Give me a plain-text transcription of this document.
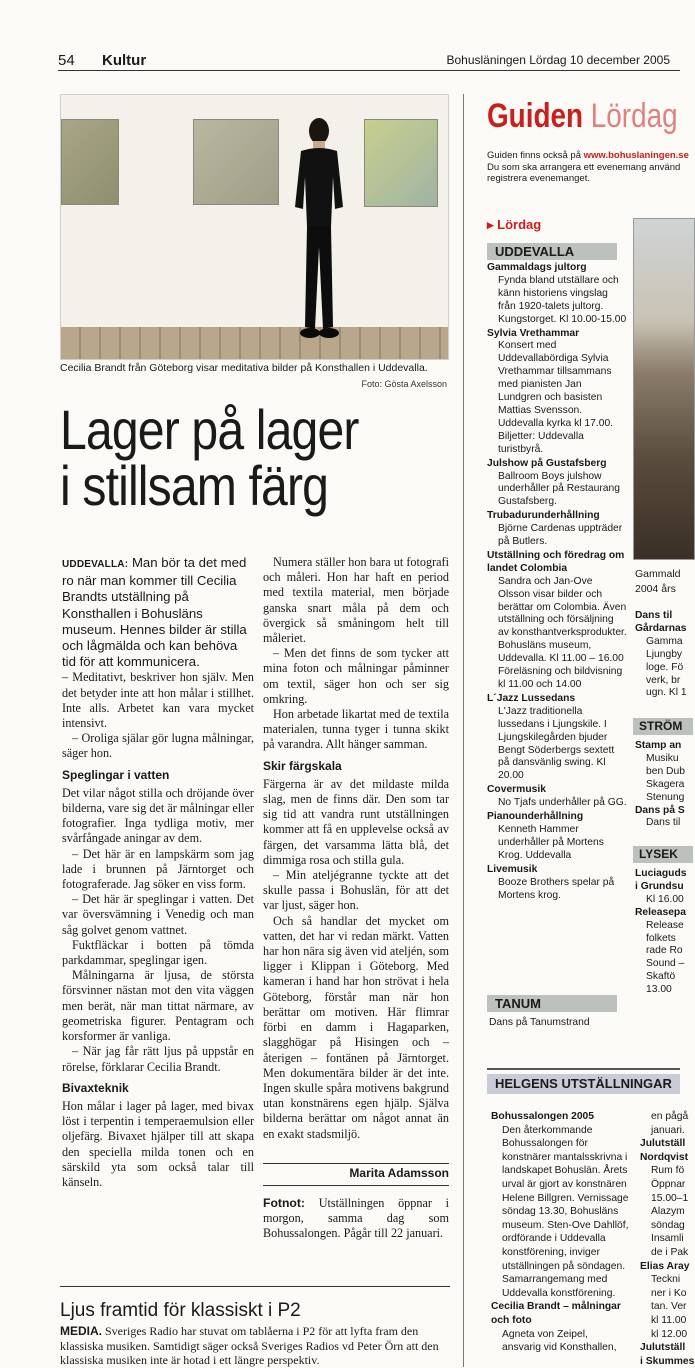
54 Kultur	Bohusläningen Lördag 10 december 2005
Cecilia Brandt från Göteborg visar meditativa bilder på Konsthallen i Uddevalla.
Foto: Gösta Axelsson
Lager på lager
i stillsam färg

UDDEVALLA: Man bör ta det med ro när man kommer till Cecilia Brandts utställning på Konsthallen i Bohusläns museum. Hennes bilder är stilla och lågmälda och kan behöva tid för att kommunicera.

– Meditativt, beskriver hon själv. Men det betyder inte att hon målar i stillhet. Inte alls. Arbetet kan vara mycket intensivt.

– Oroliga själar gör lugna målningar, säger hon.

Speglingar i vatten

Det vilar något stilla och dröjande över bilderna, vare sig det är målningar eller fotografier. Inga tydliga motiv, mer svårfångade aningar av dem.

– Det här är en lampskärm som jag lade i brunnen på Järntorget och fotograferade. Jag söker en viss form.

– Det här är speglingar i vatten. Det var översvämning i Venedig och man såg golvet genom vattnet.

Fuktfläckar i botten på tömda parkdammar, speglingar igen.

Målningarna är ljusa, de största försvinner nästan mot den vita väggen men berät, när man tittat närmare, av geometriska figurer. Pentagram och korsformer är vanliga.

– När jag får rätt ljus på uppstår en rörelse, förklarar Cecilia Brandt.

Bivaxteknik

Hon målar i lager på lager, med bivax löst i terpentin i temperaemulsion eller oljefärg. Bivaxet hjälper till att skapa den speciella milda tonen och en särskild yta som också talar till känseln.

Numera ställer hon bara ut fotografi och måleri. Hon har haft en period med textila material, men började ganska snart måla på dem och övergick så småningom helt till måleriet.

– Men det finns de som tycker att mina foton och målningar påminner om textil, säger hon och ser sig omkring.

Hon arbetade likartat med de textila materialen, tunna tyger i tunna skikt på varandra. Allt hänger samman.

Skir färgskala

Färgerna är av det mildaste milda slag, men de finns där. Den som tar sig tid att vandra runt utställningen kommer att få en upplevelse också av färgen, det varsamma lätta blå, det dimmiga rosa och stilla gula.

– Min ateljégranne tyckte att det skulle passa i Bohuslän, för att det var ljust, säger hon.

Och så handlar det mycket om vatten, det har vi redan märkt. Vatten har hon nära sig även vid ateljén, som ligger i Klippan i Göteborg. Med kameran i hand har hon strövat i hela Göteborg, förstår man när hon berättar om motiven. Här flimrar förbi en damm i Hagaparken, slagghögar på Hisingen och – återigen – fontänen på Järntorget. Men dokumentära bilder är det inte. Ingen skulle spåra motivens bakgrund utan konstnärens egen hjälp. Själva bilderna berättar om något annat än en exakt stadsmiljö.

Marita Adamsson

Fotnot: Utställningen öppnar i morgon, samma dag som Bohussalongen. Pågår till 22 januari.

Ljus framtid för klassiskt i P2
MEDIA. Sveriges Radio har stuvat om tablåerna i P2 för att lyfta fram den klassiska musiken. Samtidigt säger också Sveriges Radios vd Peter Örn att den klassiska musiken inte är hotad i ett längre perspektiv.
Guiden Lördag
Guiden finns också på www.bohuslaningen.se
Du som ska arrangera ett evenemang använd
registrera evenemanget.
▸ Lördag
UDDEVALLA
Gammaldags jultorg
Fynda bland utställare och känn historiens vingslag från 1920-talets jultorg. Kungstorget. Kl 10.00-15.00
Sylvia Vrethammar
Konsert med Uddevallabördiga Sylvia Vrethammar tillsammans med pianisten Jan Lundgren och basisten Mattias Svensson. Uddevalla kyrka kl 17.00. Biljetter: Uddevalla turistbyrå.
Julshow på Gustafsberg
Ballroom Boys julshow underhåller på Restaurang Gustafsberg.
Trubadurunderhållning
Björne Cardenas uppträder på Butlers.
Utställning och föredrag om landet Colombia
Sandra och Jan-Ove Olsson visar bilder och berättar om Colombia. Även utställning och försäljning av konsthantverksprodukter. Bohusläns museum, Uddevalla. Kl 11.00 – 16.00 Föreläsning och bildvisning kl 11.00 och 14.00
L´Jazz Lussedans
L'Jazz traditionella lussedans i Ljungskile. I Ljungskilegården bjuder Bengt Söderbergs sextett på dansvänlig swing. Kl 20.00
Covermusik
No Tjafs underhåller på GG.
Pianounderhållning
Kenneth Hammer underhåller på Mortens Krog. Uddevalla
Livemusik
Booze Brothers spelar på Mortens krog.
TANUM
Dans på Tanumstrand
Gammald
2004 års
Dans til
Gårdarnas
Gamma
Ljungby
loge. Fö
verk, br
ugn. Kl 1
STRÖM
Stamp an
Musiku
ben Dub
Skagera
Stenung
Dans på S
Dans til
LYSEK
Luciaguds
i Grundsu
Kl 16.00
Releasepa
Release
folkets
rade Ro
Sound –
Skaftö
13.00
HELGENS UTSTÄLLNINGAR
Bohussalongen 2005
Den återkommande Bohussalongen för konstnärer mantalsskrivna i landskapet Bohuslän. Årets urval är gjort av konstnären Helene Billgren. Vernissage söndag 13.30, Bohusläns museum. Sten-Ove Dahllöf, ordförande i Uddevalla konstförening, inviger utställningen på söndagen. Samarrangemang med Uddevalla konstförening.
Cecilia Brandt – målningar och foto
Agneta von Zeipel, ansvarig vid Konsthallen,
en pågå
januari.
Julutställ
Nordqvist
Rum fö
Öppnar
15.00–1
Alazym
söndag
Insamli
de i Pak
Elias Aray
Teckni
ner i Ko
tan. Ver
kl 11.00
kl 12.00
Julutställ
i Skummes
